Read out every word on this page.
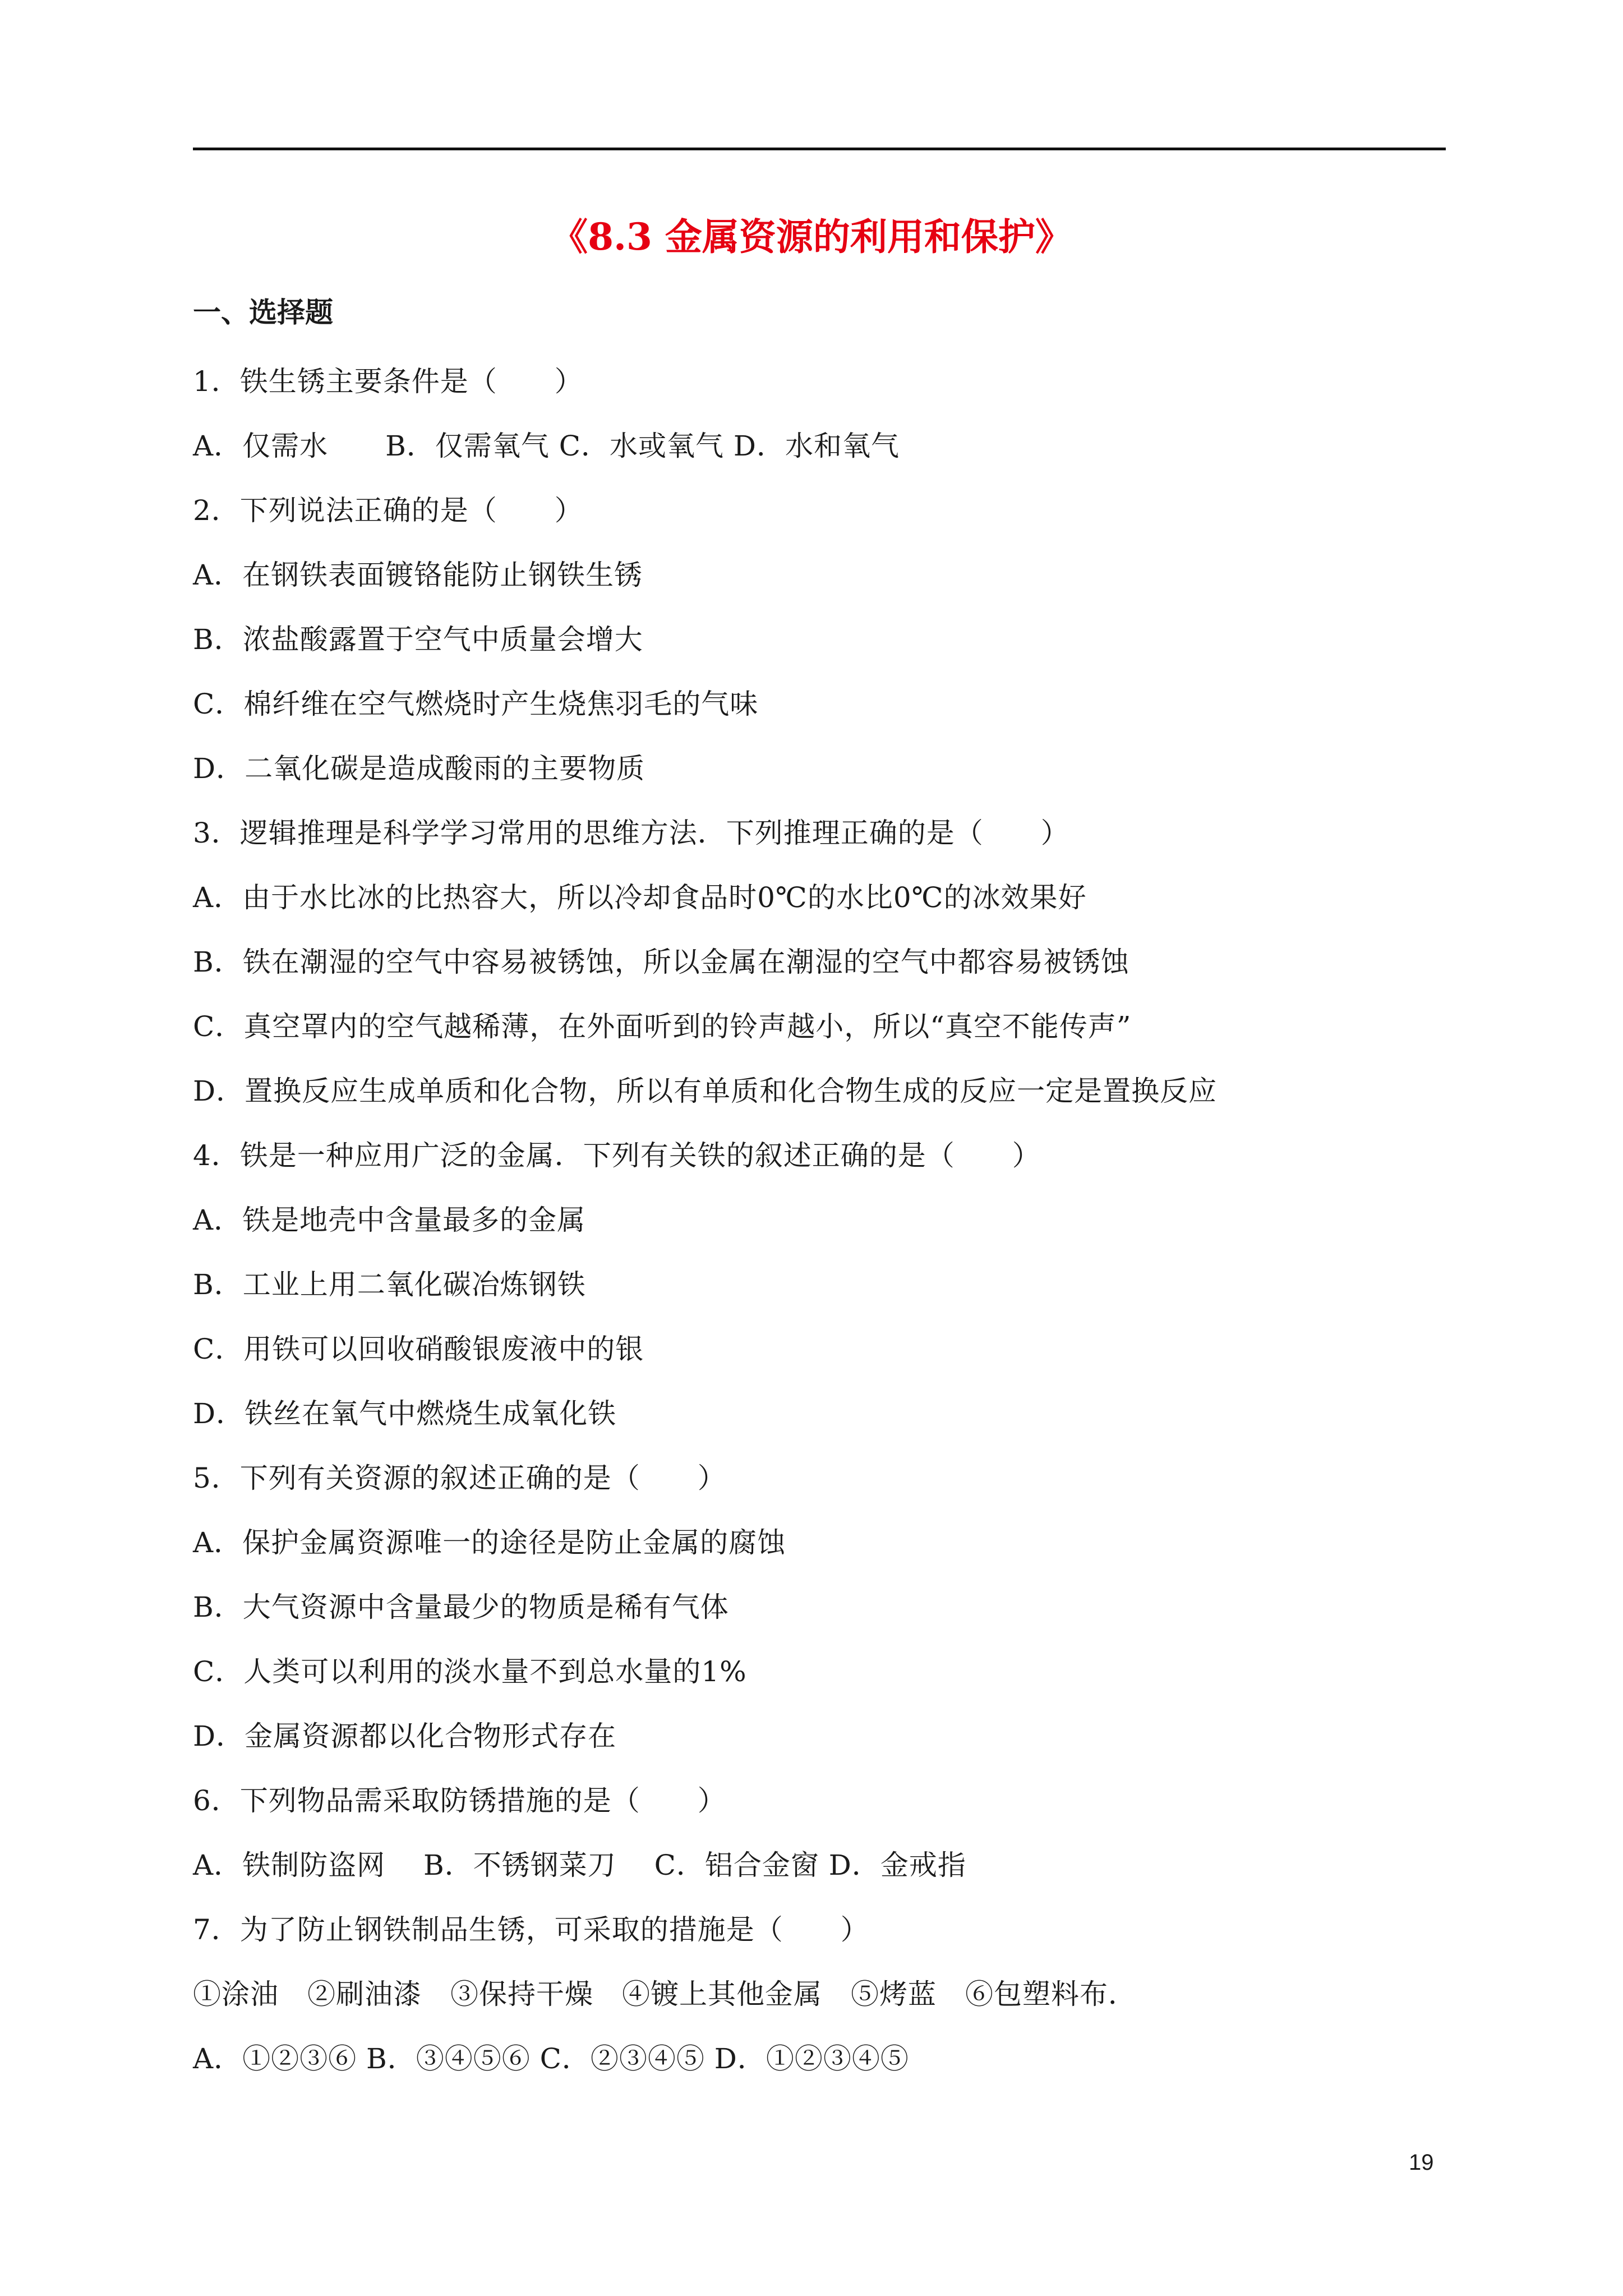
《8.3 金属资源的利用和保护》
一、选择题
1．铁生锈主要条件是（　　）
A．仅需水　　B．仅需氧气 C．水或氧气 D．水和氧气
2．下列说法正确的是（　　）
A．在钢铁表面镀铬能防止钢铁生锈
B．浓盐酸露置于空气中质量会增大
C．棉纤维在空气燃烧时产生烧焦羽毛的气味
D．二氧化碳是造成酸雨的主要物质
3．逻辑推理是科学学习常用的思维方法．下列推理正确的是（　　）
A．由于水比冰的比热容大，所以冷却食品时0℃的水比0℃的冰效果好
B．铁在潮湿的空气中容易被锈蚀，所以金属在潮湿的空气中都容易被锈蚀
C．真空罩内的空气越稀薄，在外面听到的铃声越小，所以“真空不能传声”
D．置换反应生成单质和化合物，所以有单质和化合物生成的反应一定是置换反应
4．铁是一种应用广泛的金属．下列有关铁的叙述正确的是（　　）
A．铁是地壳中含量最多的金属
B．工业上用二氧化碳冶炼钢铁
C．用铁可以回收硝酸银废液中的银
D．铁丝在氧气中燃烧生成氧化铁
5．下列有关资源的叙述正确的是（　　）
A．保护金属资源唯一的途径是防止金属的腐蚀
B．大气资源中含量最少的物质是稀有气体
C．人类可以利用的淡水量不到总水量的1%
D．金属资源都以化合物形式存在
6．下列物品需采取防锈措施的是（　　）
A．铁制防盗网　 B．不锈钢菜刀　 C．铝合金窗 D．金戒指
7．为了防止钢铁制品生锈，可采取的措施是（　　）
①涂油　②刷油漆　③保持干燥　④镀上其他金属　⑤烤蓝　⑥包塑料布．
A．①②③⑥ B．③④⑤⑥ C．②③④⑤ D．①②③④⑤
19
